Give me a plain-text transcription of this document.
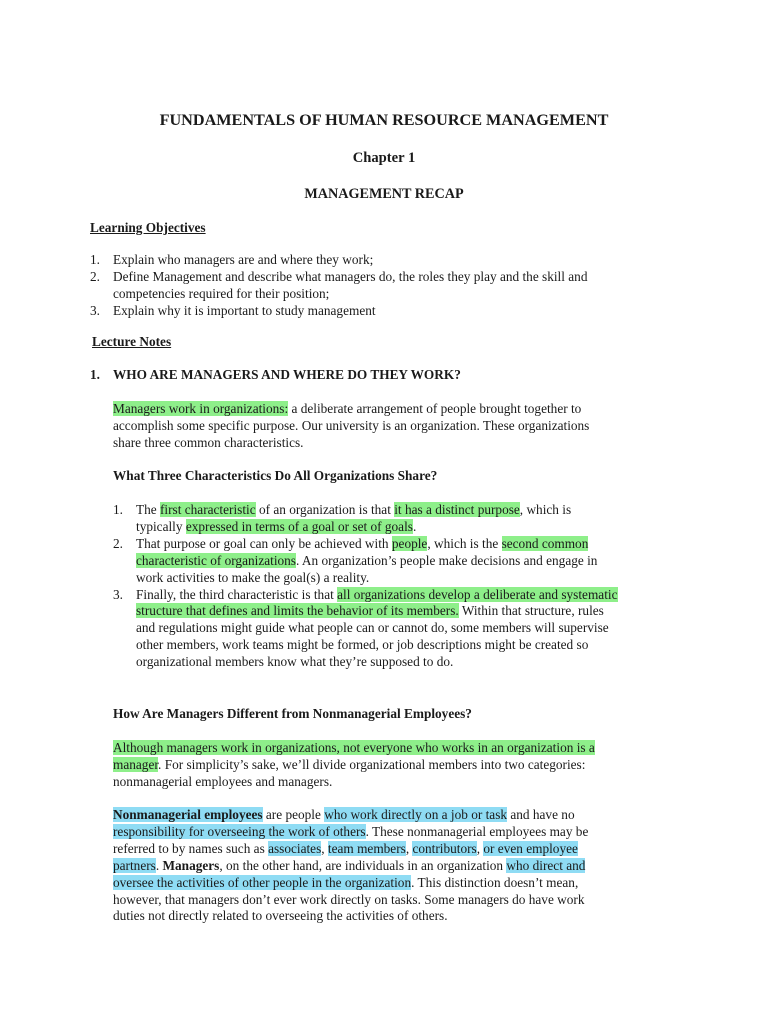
FUNDAMENTALS OF HUMAN RESOURCE MANAGEMENT

Chapter 1

MANAGEMENT RECAP

Learning Objectives

1. Explain who managers are and where they work;
2. Define Management and describe what managers do, the roles they play and the skill and competencies required for their position;
3. Explain why it is important to study management

Lecture Notes

1. WHO ARE MANAGERS AND WHERE DO THEY WORK?

Managers work in organizations: a deliberate arrangement of people brought together to accomplish some specific purpose. Our university is an organization. These organizations share three common characteristics.

What Three Characteristics Do All Organizations Share?

1. The first characteristic of an organization is that it has a distinct purpose, which is typically expressed in terms of a goal or set of goals.
2. That purpose or goal can only be achieved with people, which is the second common characteristic of organizations. An organization’s people make decisions and engage in work activities to make the goal(s) a reality.
3. Finally, the third characteristic is that all organizations develop a deliberate and systematic structure that defines and limits the behavior of its members. Within that structure, rules and regulations might guide what people can or cannot do, some members will supervise other members, work teams might be formed, or job descriptions might be created so organizational members know what they’re supposed to do.

How Are Managers Different from Nonmanagerial Employees?

Although managers work in organizations, not everyone who works in an organization is a manager. For simplicity’s sake, we’ll divide organizational members into two categories: nonmanagerial employees and managers.

Nonmanagerial employees are people who work directly on a job or task and have no responsibility for overseeing the work of others. These nonmanagerial employees may be referred to by names such as associates, team members, contributors, or even employee partners. Managers, on the other hand, are individuals in an organization who direct and oversee the activities of other people in the organization. This distinction doesn’t mean, however, that managers don’t ever work directly on tasks. Some managers do have work duties not directly related to overseeing the activities of others.
